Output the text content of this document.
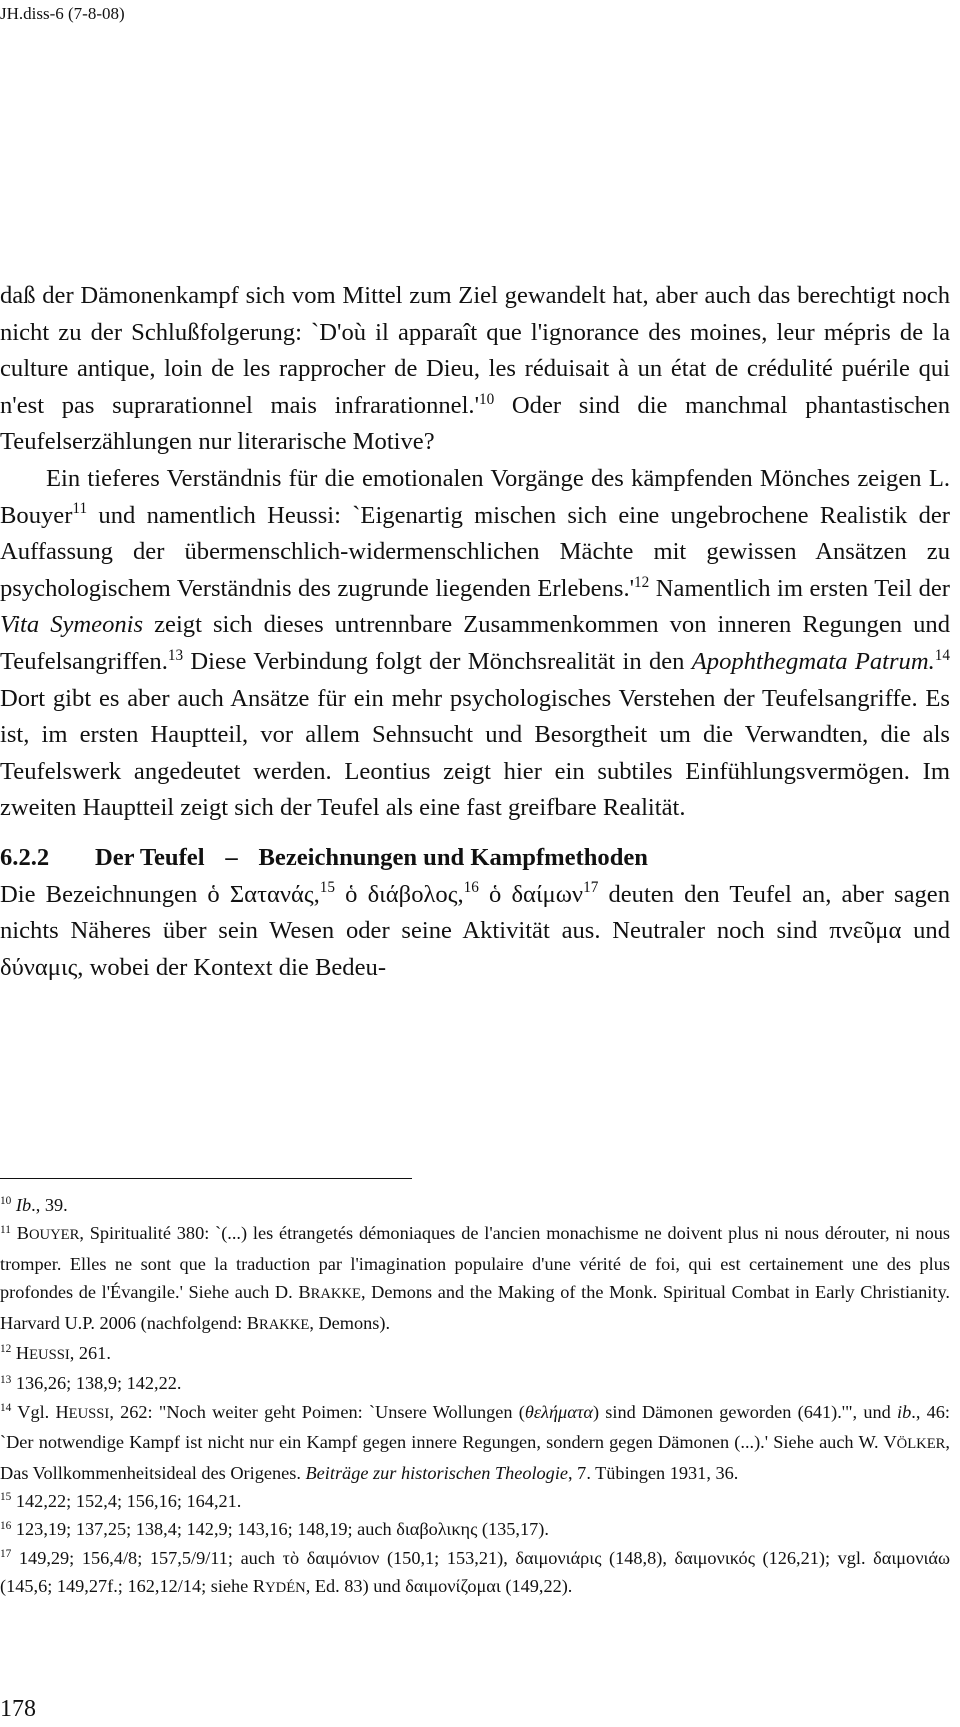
JH.diss-6 (7-8-08)

daß der Dämonenkampf sich vom Mittel zum Ziel gewandelt hat, aber auch das berechtigt noch nicht zu der Schlußfolgerung: `D'où il apparaît que l'ignorance des moines, leur mépris de la culture antique, loin de les rapprocher de Dieu, les réduisait à un état de crédulité puérile qui n'est pas suprarationnel mais $infrarationnel.'^{10}$ Oder sind die manchmal phantastischen Teufelserzählungen nur literarische Motive?

Ein tieferes Verständnis für die emotionalen Vorgänge des kämpfenden Mönches zeigen L. Bouyer$^{11}$ und namentlich Heussi: `Eigenartig mischen sich eine ungebrochene Realistik der Auffassung der übermenschlich-widermenschlichen Mächte mit gewissen Ansätzen zu psychologischem Verständnis des zugrunde liegenden $Erlebens.'^{12}$ Namentlich im ersten Teil der Vita Symeonis zeigt sich dieses untrennbare Zusammenkommen von inneren Regungen und Teufelsangriffen.$^{13}$ Diese Verbindung folgt der Mönchsrealität in den Apophthegmata Patrum.$^{14}$ Dort gibt es aber auch Ansätze für ein mehr psychologisches Verstehen der Teufelsangriffe. Es ist, im ersten Hauptteil, vor allem Sehnsucht und Besorgtheit um die Verwandten, die als Teufelswerk angedeutet werden. Leontius zeigt hier ein subtiles Einfühlungsvermögen. Im zweiten Hauptteil zeigt sich der Teufel als eine fast greifbare Realität.

6.2.2 Der Teufel – Bezeichnungen und Kampfmethoden

Die Bezeichnungen ὁ Σατανάς,$^{15}$ ὁ διάβολος,$^{16}$ ὁ δαίμων$^{17}$ deuten den Teufel an, aber sagen nichts Näheres über sein Wesen oder seine Aktivität aus. Neutraler noch sind πνεῦμα und δύναμις, wobei der Kontext die Bedeu-

$^{10}$ Ib., 39.

$^{11}$ BOUYER, Spiritualité 380: `(...) les étrangetés démoniaques de l'ancien monachisme ne doivent plus ni nous dérouter, ni nous tromper. Elles ne sont que la traduction par l'imagination populaire d'une vérité de foi, qui est certainement une des plus profondes de l'Évangile.' Siehe auch D. BRAKKE, Demons and the Making of the Monk. Spiritual Combat in Early Christianity. Harvard U.P. 2006 (nachfolgend: BRAKKE, Demons).

$^{12}$ HEUSSI, 261.

$^{13}$ 136,26; 138,9; 142,22.

$^{14}$ Vgl. HEUSSI, 262: "Noch weiter geht Poimen: `Unsere Wollungen (θελήματα) sind Dämonen geworden (641).'", und ib., 46: `Der notwendige Kampf ist nicht nur ein Kampf gegen innere Regungen, sondern gegen Dämonen (...).' Siehe auch W. VÖLKER, Das Vollkommenheitsideal des Origenes. Beiträge zur historischen Theologie, 7. Tübingen 1931, 36.

$^{15}$ 142,22; 152,4; 156,16; 164,21.

$^{16}$ 123,19; 137,25; 138,4; 142,9; 143,16; 148,19; auch διαβολικης (135,17).

$^{17}$ 149,29; 156,4/8; 157,5/9/11; auch τὸ δαιμόνιον (150,1; 153,21), δαιμονιάρις (148,8), δαιμονικός (126,21); vgl. δαιμονιάω (145,6; 149,27f.; 162,12/14; siehe RYDÉN, Ed. 83) und δαιμονίζομαι (149,22).

178
